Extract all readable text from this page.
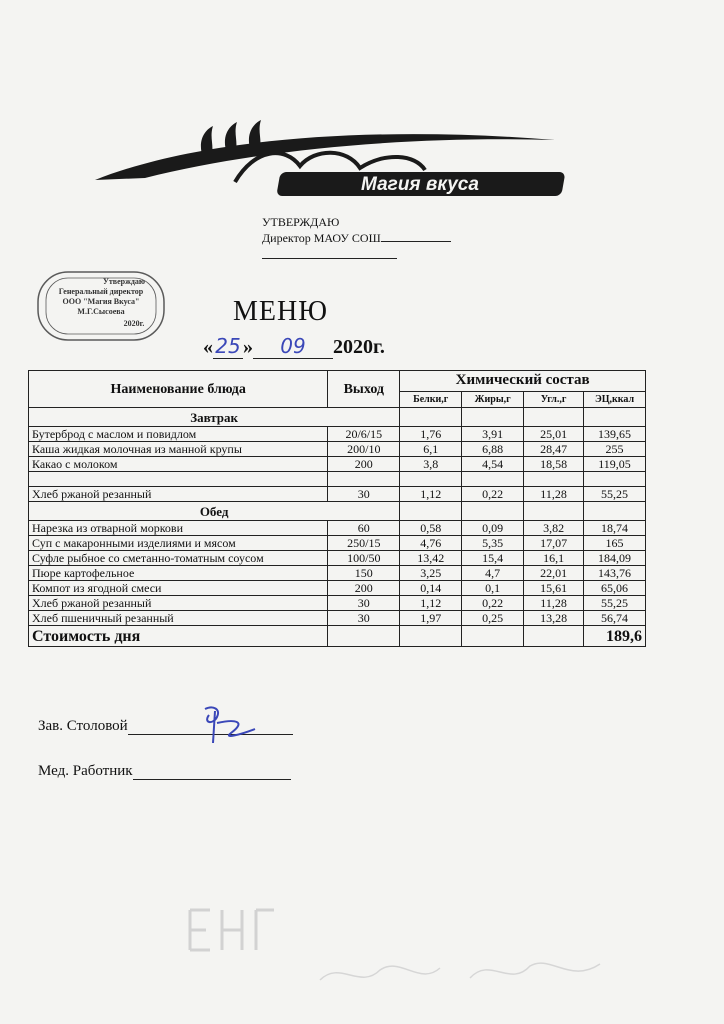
Магия вкуса
УТВЕРЖДАЮ
Директор МАОУ СОШ
Утверждаю
Генеральный директор
ООО "Магия Вкуса"
М.Г.Сысоева
2020г.	МЕНЮ
« 25 » 09 2020г.
Наименование блюда	Выход	Химический состав			
		Белки,г	Жиры,г	Угл.,г	ЭЦ,ккал
Завтрак					
Бутерброд с маслом и повидлом	20/6/15	1,76	3,91	25,01	139,65
Каша жидкая молочная из манной крупы	200/10	6,1	6,88	28,47	255
Какао с молоком	200	3,8	4,54	18,58	119,05

Хлеб ржаной резанный	30	1,12	0,22	11,28	55,25
Обед					
Нарезка из отварной моркови	60	0,58	0,09	3,82	18,74
Суп с макаронными изделиями и мясом	250/15	4,76	5,35	17,07	165
Суфле рыбное со сметанно-томатным соусом	100/50	13,42	15,4	16,1	184,09
Пюре картофельное	150	3,25	4,7	22,01	143,76
Компот из ягодной смеси	200	0,14	0,1	15,61	65,06
Хлеб ржаной резанный	30	1,12	0,22	11,28	55,25
Хлеб пшеничный резанный	30	1,97	0,25	13,28	56,74
Стоимость дня					189,6
Зав. Столовой
Мед. Работник
